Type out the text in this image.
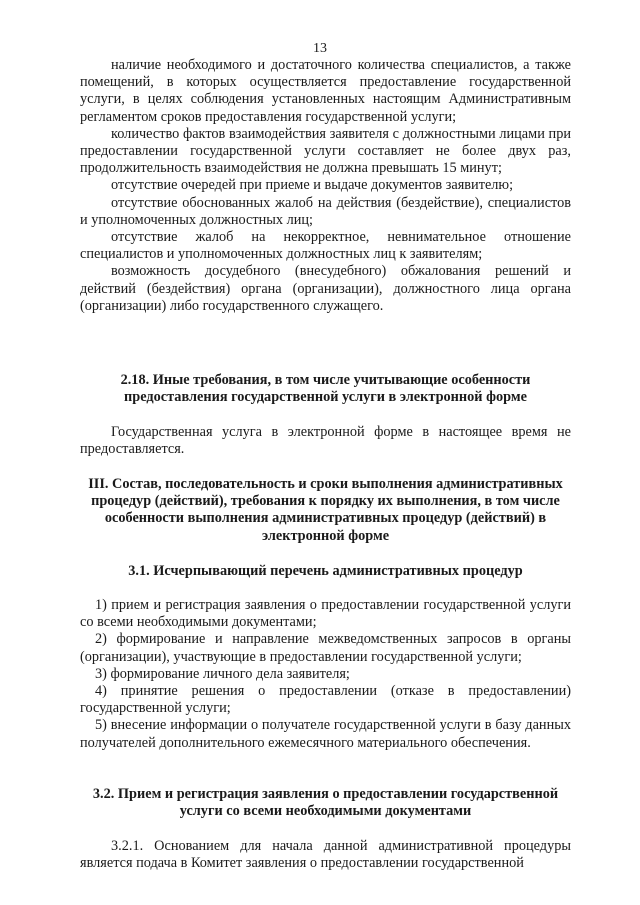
13

наличие необходимого и достаточного количества специалистов, а также помещений, в которых осуществляется предоставление государственной услуги, в целях соблюдения установленных настоящим Административным регламентом сроков предоставления государственной услуги;

количество фактов взаимодействия заявителя с должностными лицами при предоставлении государственной услуги составляет не более двух раз, продолжительность взаимодействия не должна превышать 15 минут;

отсутствие очередей при приеме и выдаче документов заявителю;

отсутствие обоснованных жалоб на действия (бездействие), специалистов и уполномоченных должностных лиц;

отсутствие жалоб на некорректное, невнимательное отношение специалистов и уполномоченных должностных лиц к заявителям;

возможность досудебного (внесудебного) обжалования решений и действий (бездействия) органа (организации), должностного лица органа (организации) либо государственного служащего.

2.18. Иные требования, в том числе учитывающие особенности предоставления государственной услуги в электронной форме

Государственная услуга в электронной форме в настоящее время не предоставляется.

III. Состав, последовательность и сроки выполнения административных процедур (действий), требования к порядку их выполнения, в том числе особенности выполнения административных процедур (действий) в электронной форме

3.1. Исчерпывающий перечень административных процедур

1) прием и регистрация заявления о предоставлении государственной услуги со всеми необходимыми документами;

2) формирование и направление межведомственных запросов в органы (организации), участвующие в предоставлении государственной услуги;

3) формирование личного дела заявителя;

4) принятие решения о предоставлении (отказе в предоставлении) государственной услуги;

5) внесение информации о получателе государственной услуги в базу данных получателей дополнительного ежемесячного материального обеспечения.

3.2. Прием и регистрация заявления о предоставлении государственной услуги со всеми необходимыми документами

3.2.1. Основанием для начала данной административной процедуры является подача в Комитет заявления о предоставлении государственной
